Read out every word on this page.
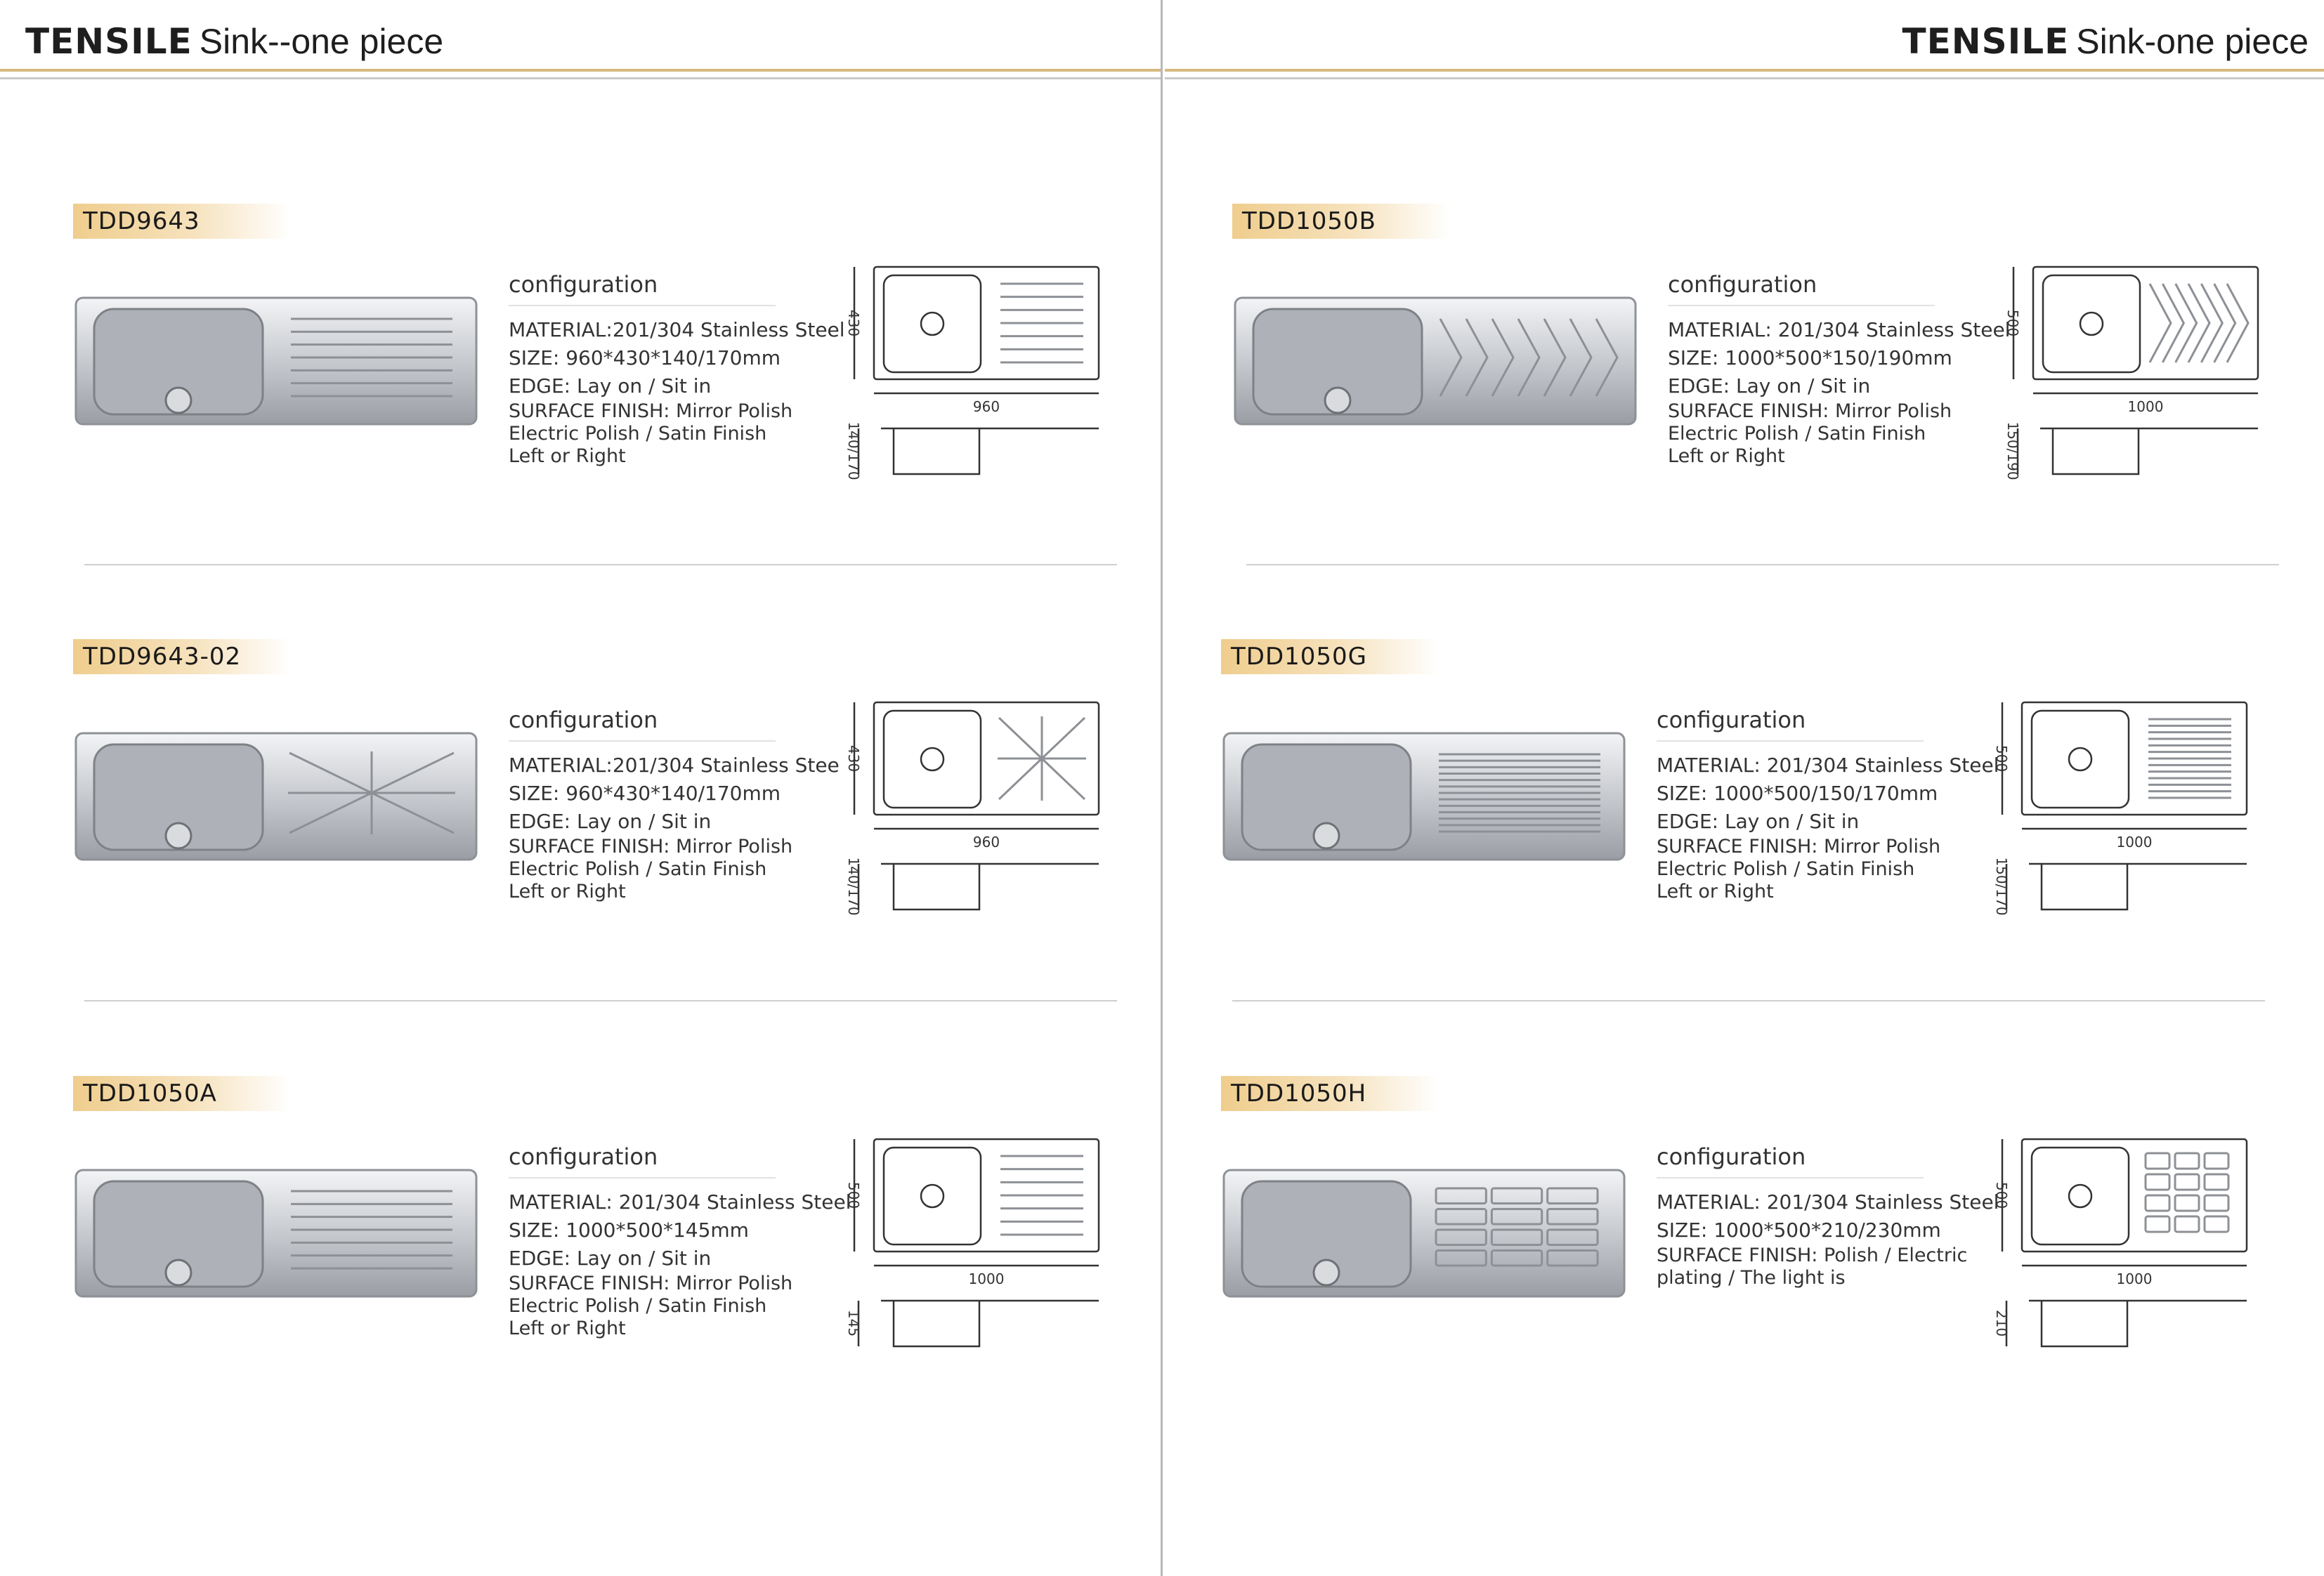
TENSILE Sink--one piece
TDD9643
configuration
MATERIAL:201/304 Stainless Steel
SIZE: 960*430*140/170mm
EDGE: Lay on / Sit in
SURFACE FINISH: Mirror Polish
Electric Polish / Satin Finish
Left or Right
430
960
140/170
TDD9643-02
configuration
MATERIAL:201/304 Stainless Stee
SIZE: 960*430*140/170mm
EDGE: Lay on / Sit in
SURFACE FINISH: Mirror Polish
Electric Polish / Satin Finish
Left or Right
430
960
140/170
TDD1050A
configuration
MATERIAL: 201/304 Stainless Steel
SIZE: 1000*500*145mm
EDGE: Lay on / Sit in
SURFACE FINISH: Mirror Polish
Electric Polish / Satin Finish
Left or Right
500
1000
145
TENSILE Sink-one piece
TDD1050B
configuration
MATERIAL: 201/304 Stainless Steel
SIZE: 1000*500*150/190mm
EDGE: Lay on / Sit in
SURFACE FINISH: Mirror Polish
Electric Polish / Satin Finish
Left or Right
500
1000
150/190
TDD1050G
configuration
MATERIAL: 201/304 Stainless Steel
SIZE: 1000*500/150/170mm
EDGE: Lay on / Sit in
SURFACE FINISH: Mirror Polish
Electric Polish / Satin Finish
Left or Right
500
1000
150/170
TDD1050H
configuration
MATERIAL: 201/304 Stainless Steel
SIZE: 1000*500*210/230mm
SURFACE FINISH: Polish / Electric
plating / The light is
500
1000
210
